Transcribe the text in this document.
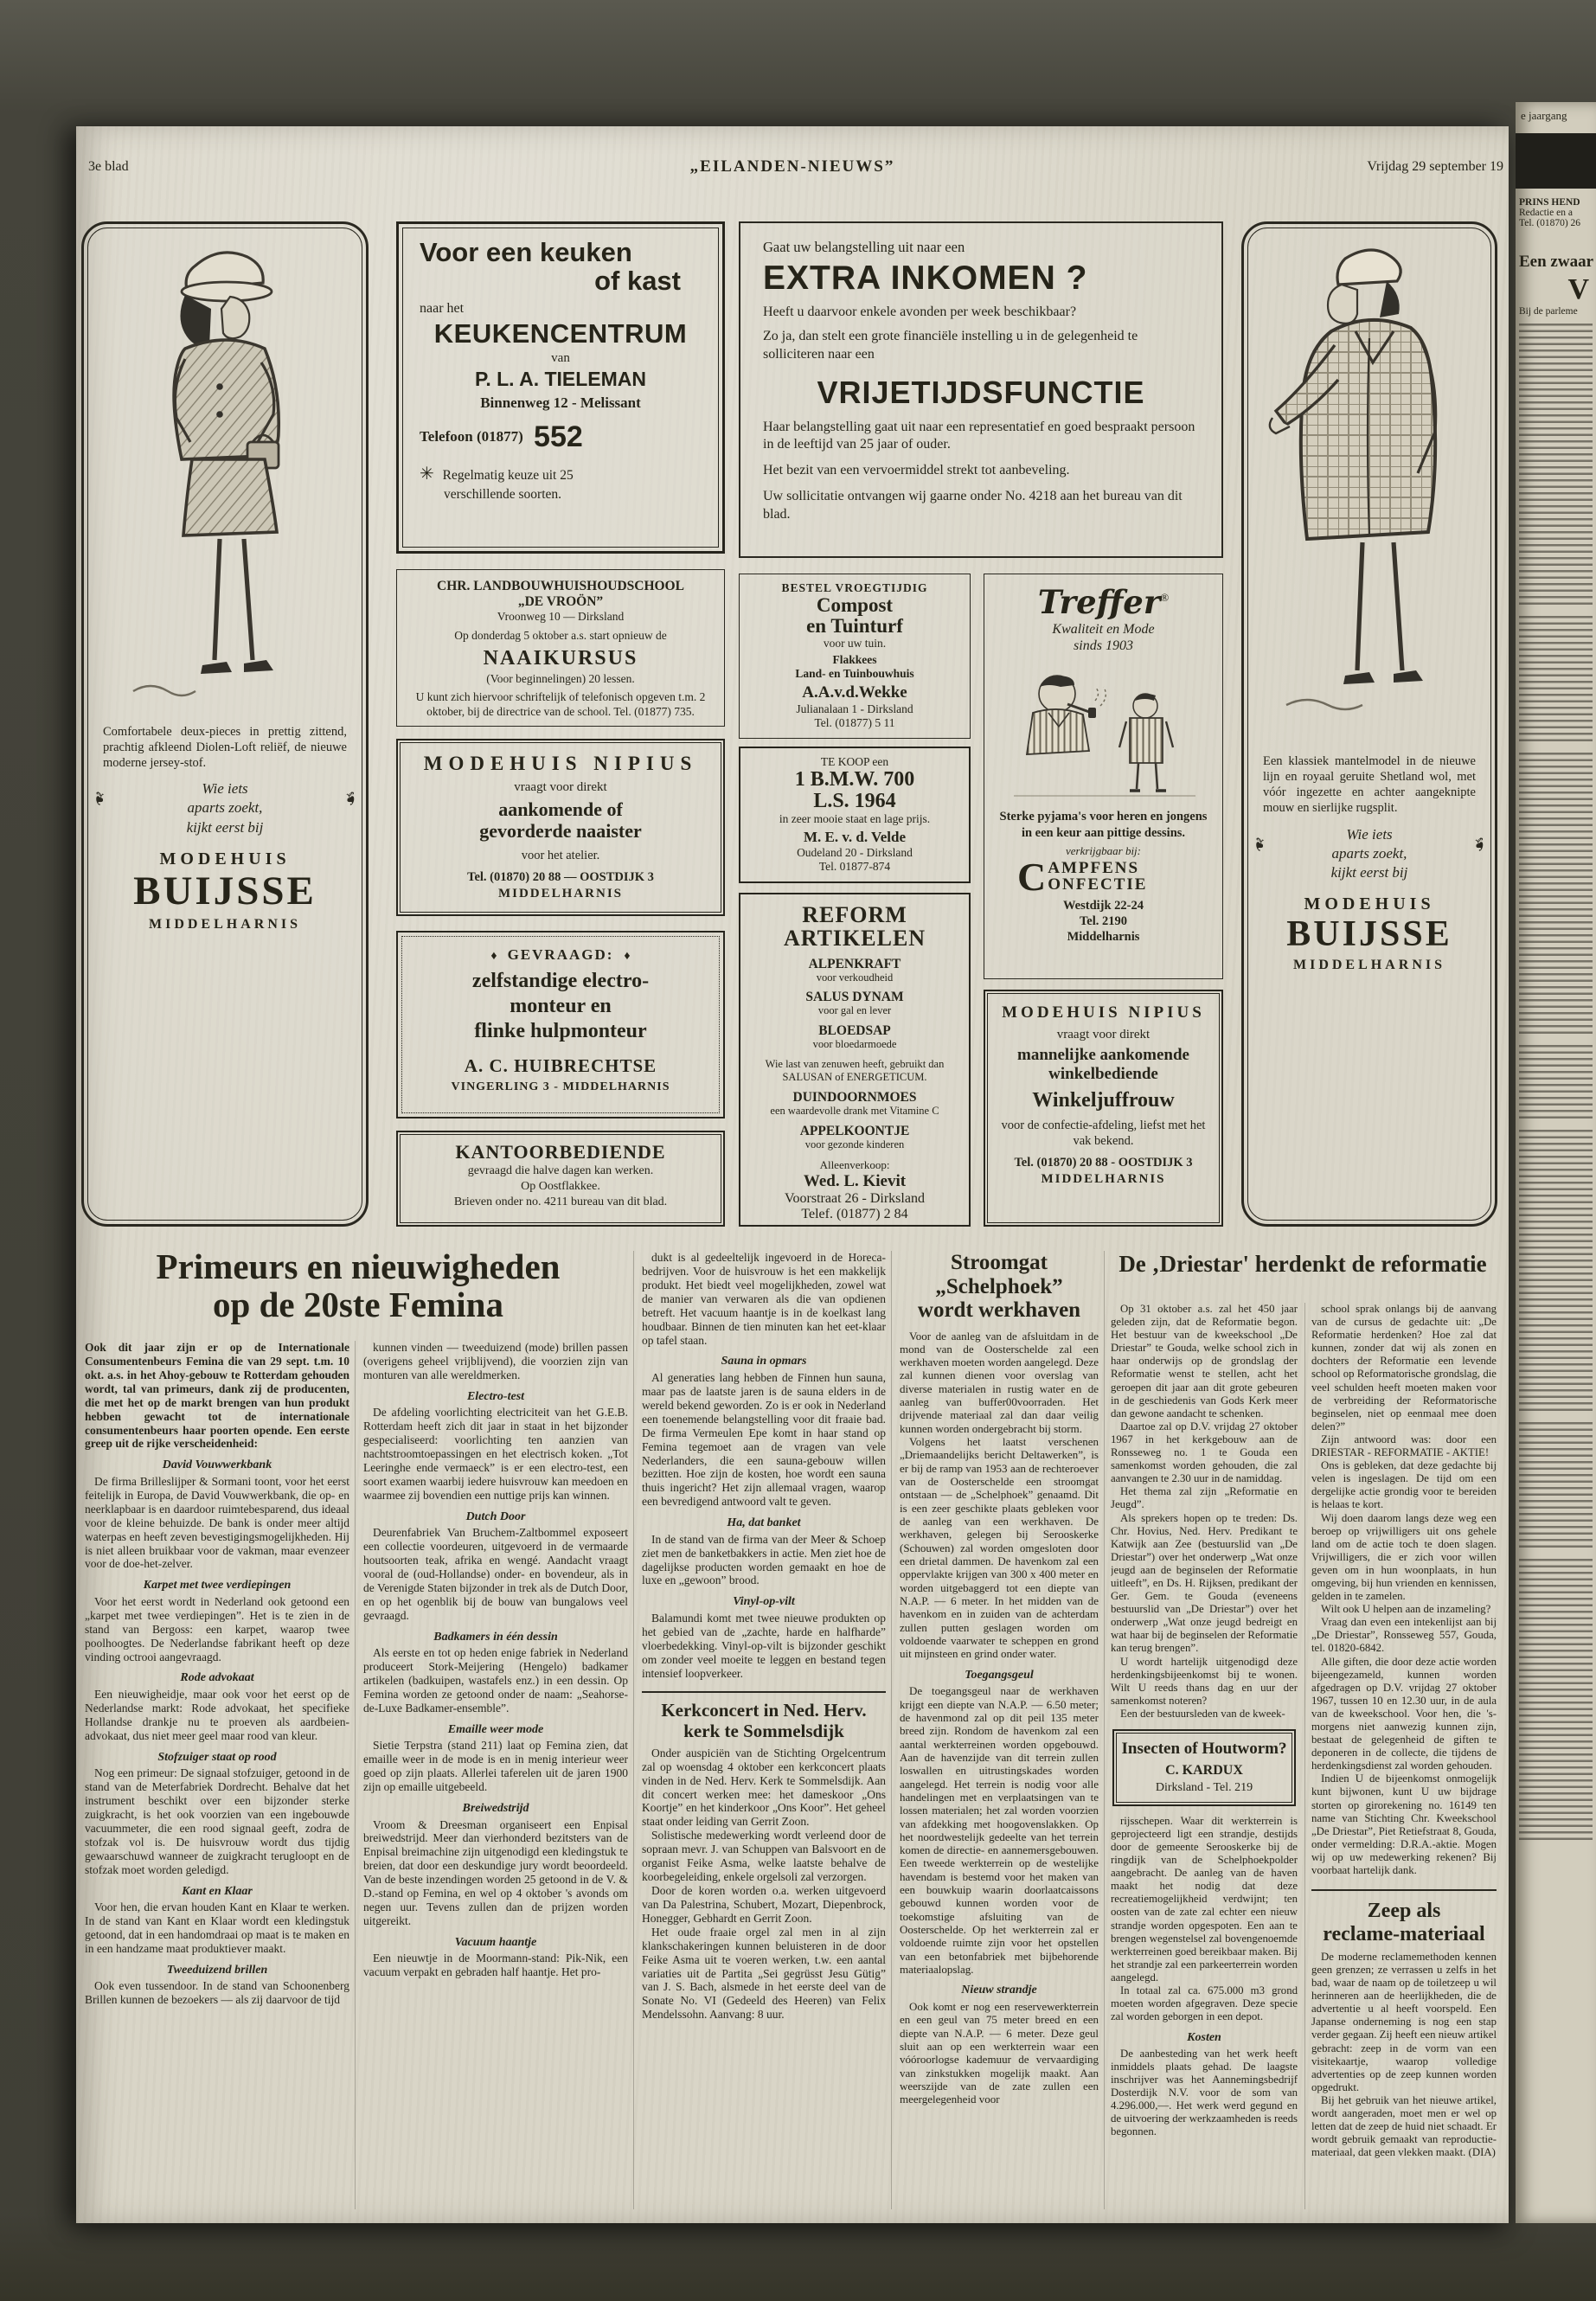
3e blad	„EILANDEN-NIEUWS”	Vrijdag 29 september 19
Comfortabele deux-pieces in prettig zittend, prachtig afkleend Diolen-Loft reliëf, de nieuwe moderne jersey-stof.
❧	❧
Wie iets
aparts zoekt,
kijkt eerst bij
MODEHUIS
BUIJSSE
MIDDELHARNIS
Voor een keuken
of kast
naar het
KEUKENCENTRUM
van
P. L. A. TIELEMAN
Binnenweg 12 - Melissant
Telefoon (01877) 552
✳ Regelmatig keuze uit 25
verschillende soorten.
CHR. LANDBOUWHUISHOUDSCHOOL
„DE VROÖN”
Vroonweg 10 — Dirksland
Op donderdag 5 oktober a.s. start opnieuw de
NAAIKURSUS
(Voor beginnelingen) 20 lessen.
U kunt zich hiervoor schriftelijk of telefonisch opgeven t.m. 2 oktober, bij de directrice van de school. Tel. (01877) 735.
MODEHUIS NIPIUS
vraagt voor direkt
aankomende of
gevorderde naaister
voor het atelier.
Tel. (01870) 20 88 — OOSTDIJK 3
MIDDELHARNIS
♦ GEVRAAGD: ♦
zelfstandige electro-
monteur en
flinke hulpmonteur
A. C. HUIBRECHTSE
VINGERLING 3 - MIDDELHARNIS
KANTOORBEDIENDE
gevraagd die halve dagen kan werken.
Op Oostflakkee.
Brieven onder no. 4211 bureau van dit blad.
Gaat uw belangstelling uit naar een
EXTRA INKOMEN ?
Heeft u daarvoor enkele avonden per week beschikbaar?
Zo ja, dan stelt een grote financiële instelling u in de gelegenheid te solliciteren naar een
VRIJETIJDSFUNCTIE
Haar belangstelling gaat uit naar een representatief en goed bespraakt persoon in de leeftijd van 25 jaar of ouder.
Het bezit van een vervoermiddel strekt tot aanbeveling.
Uw sollicitatie ontvangen wij gaarne onder No. 4218 aan het bureau van dit blad.
BESTEL VROEGTIJDIG
Compost
en Tuinturf
voor uw tuin.
Flakkees
Land- en Tuinbouwhuis
A.A.v.d.Wekke
Julianalaan 1 - Dirksland
Tel. (01877) 5 11
TE KOOP een
1 B.M.W. 700
L.S. 1964
in zeer mooie staat en lage prijs.
M. E. v. d. Velde
Oudeland 20 - Dirksland
Tel. 01877-874
REFORM
ARTIKELEN
ALPENKRAFT
voor verkoudheid
SALUS DYNAM
voor gal en lever
BLOEDSAP
voor bloedarmoede
Wie last van zenuwen heeft, gebruikt dan SALUSAN of ENERGETICUM.
DUINDOORNMOES
een waardevolle drank met Vitamine C
APPELKOONTJE
voor gezonde kinderen
Alleenverkoop:
Wed. L. Kievit
Voorstraat 26 - Dirksland
Telef. (01877) 2 84
Treffer®
Kwaliteit en Mode
sinds 1903
Sterke pyjama's voor heren en jongens in een keur aan pittige dessins.
verkrijgbaar bij:
C AMPFENS
ONFECTIE
Westdijk 22-24
Tel. 2190
Middelharnis
MODEHUIS NIPIUS
vraagt voor direkt
mannelijke aankomende
winkelbediende
Winkeljuffrouw
voor de confectie-afdeling, liefst met het vak bekend.
Tel. (01870) 20 88 - OOSTDIJK 3
MIDDELHARNIS
Een klassiek mantelmodel in de nieuwe lijn en royaal geruite Shetland wol, met vóór ingezette en achter aangeknipte mouw en sierlijke rugsplit.
❧	❧
Wie iets
aparts zoekt,
kijkt eerst bij
MODEHUIS
BUIJSSE
MIDDELHARNIS
Primeurs en nieuwigheden
op de 20ste Femina
Ook dit jaar zijn er op de Internationale Consumentenbeurs Femina die van 29 sept. t.m. 10 okt. a.s. in het Ahoy-gebouw te Rotterdam gehouden wordt, tal van primeurs, dank zij de producenten, die met het op de markt brengen van hun produkt hebben gewacht tot de internationale consumentenbeurs haar poorten opende. Een eerste greep uit de rijke verscheidenheid:
David Vouwwerkbank
De firma Brilleslijper & Sormani toont, voor het eerst feitelijk in Europa, de David Vouwwerkbank, die op- en neerklapbaar is en daardoor ruimtebesparend, dus ideaal voor de kleine behuizde. De bank is onder meer altijd waterpas en heeft zeven bevestigingsmogelijkheden. Hij is niet alleen bruikbaar voor de vakman, maar evenzeer voor de doe-het-zelver.
Karpet met twee verdiepingen
Voor het eerst wordt in Nederland ook getoond een „karpet met twee verdiepingen”. Het is te zien in de stand van Bergoss: een karpet, waarop twee poolhoogtes. De Nederlandse fabrikant heeft op deze vinding octrooi aangevraagd.
Rode advokaat
Een nieuwigheidje, maar ook voor het eerst op de Nederlandse markt: Rode advokaat, het specifieke Hollandse drankje nu te proeven als aardbeien-advokaat, dus niet meer geel maar rood van kleur.
Stofzuiger staat op rood
Nog een primeur: De signaal stofzuiger, getoond in de stand van de Meterfabriek Dordrecht. Behalve dat het instrument beschikt over een bijzonder sterke zuigkracht, is het ook voorzien van een ingebouwde vacuummeter, die een rood signaal geeft, zodra de stofzak vol is. De huisvrouw wordt dus tijdig gewaarschuwd wanneer de zuigkracht terugloopt en de stofzak moet worden geledigd.
Kant en Klaar
Voor hen, die ervan houden Kant en Klaar te werken. In de stand van Kant en Klaar wordt een kledingstuk getoond, dat in een handomdraai op maat is te maken en in een handzame maat produktiever maakt.
Tweeduizend brillen
Ook even tussendoor. In de stand van Schoonenberg Brillen kunnen de bezoekers — als zij daarvoor de tijd
kunnen vinden — tweeduizend (mode) brillen passen (overigens geheel vrijblijvend), die voorzien zijn van monturen van alle wereldmerken.
Electro-test
De afdeling voorlichting electriciteit van het G.E.B. Rotterdam heeft zich dit jaar in staat in het bijzonder gespecialiseerd: voorlichting ten aanzien van nachtstroomtoepassingen en het electrisch koken. „Tot Leeringhe ende vermaeck” is er een electro-test, een soort examen waarbij iedere huisvrouw kan meedoen en waarmee zij bovendien een nuttige prijs kan winnen.
Dutch Door
Deurenfabriek Van Bruchem-Zaltbommel exposeert een collectie voordeuren, uitgevoerd in de vermaarde houtsoorten teak, afrika en wengé. Aandacht vraagt vooral de (oud-Hollandse) onder- en bovendeur, als in de Verenigde Staten bijzonder in trek als de Dutch Door, en op het ogenblik bij de bouw van bungalows veel gevraagd.
Badkamers in één dessin
Als eerste en tot op heden enige fabriek in Nederland produceert Stork-Meijering (Hengelo) badkamer artikelen (badkuipen, wastafels enz.) in een dessin. Op Femina worden ze getoond onder de naam: „Seahorse-de-Luxe Badkamer-ensemble”.
Emaille weer mode
Sietie Terpstra (stand 211) laat op Femina zien, dat emaille weer in de mode is en in menig interieur weer goed op zijn plaats. Allerlei taferelen uit de jaren 1900 zijn op emaille uitgebeeld.
Breiwedstrijd
Vroom & Dreesman organiseert een Enpisal breiwedstrijd. Meer dan vierhonderd bezitsters van de Enpisal breimachine zijn uitgenodigd een kledingstuk te breien, dat door een deskundige jury wordt beoordeeld. Van de beste inzendingen worden 25 getoond in de V. & D.-stand op Femina, en wel op 4 oktober 's avonds om negen uur. Tevens zullen dan de prijzen worden uitgereikt.
Vacuum haantje
Een nieuwtje in de Moormann-stand: Pik-Nik, een vacuum verpakt en gebraden half haantje. Het pro-
dukt is al gedeeltelijk ingevoerd in de Horeca-bedrijven. Voor de huisvrouw is het een makkelijk produkt. Het biedt veel mogelijkheden, zowel wat de manier van verwaren als die van opdienen betreft. Het vacuum haantje is in de koelkast lang houdbaar. Binnen de tien minuten kan het eet-klaar op tafel staan.
Sauna in opmars
Al generaties lang hebben de Finnen hun sauna, maar pas de laatste jaren is de sauna elders in de wereld bekend geworden. Zo is er ook in Nederland een toenemende belangstelling voor dit fraaie bad. De firma Vermeulen Epe komt in haar stand op Femina tegemoet aan de vragen van vele Nederlanders, die een sauna-gebouw willen bezitten. Hoe zijn de kosten, hoe wordt een sauna thuis ingericht? Het zijn allemaal vragen, waarop een bevredigend antwoord valt te geven.
Ha, dat banket
In de stand van de firma van der Meer & Schoep ziet men de banketbakkers in actie. Men ziet hoe de dagelijkse producten worden gemaakt en hoe de luxe en „gewoon” brood.
Vinyl-op-vilt
Balamundi komt met twee nieuwe produkten op het gebied van de „zachte, harde en halfharde” vloerbedekking. Vinyl-op-vilt is bijzonder geschikt om zonder veel moeite te leggen en bestand tegen intensief loopverkeer.
Kerkconcert in Ned. Herv.
kerk te Sommelsdijk
Onder auspiciën van de Stichting Orgelcentrum zal op woensdag 4 oktober een kerkconcert plaats vinden in de Ned. Herv. Kerk te Sommelsdijk. Aan dit concert werken mee: het dameskoor „Ons Koortje” en het kinderkoor „Ons Koor”. Het geheel staat onder leiding van Gerrit Zoon.
Solistische medewerking wordt verleend door de sopraan mevr. J. van Schuppen van Balsvoort en de organist Feike Asma, welke laatste behalve de koorbegeleiding, enkele orgelsoli zal verzorgen.
Door de koren worden o.a. werken uitgevoerd van Da Palestrina, Schubert, Mozart, Diepenbrock, Honegger, Gebhardt en Gerrit Zoon.
Het oude fraaie orgel zal men in al zijn klankschakeringen kunnen beluisteren in de door Feike Asma uit te voeren werken, t.w. een aantal variaties uit de Partita „Sei gegrüsst Jesu Gütig” van J. S. Bach, alsmede in het eerste deel van de Sonate No. VI (Gedeeld des Heeren) van Felix Mendelssohn. Aanvang: 8 uur.
Stroomgat
„Schelphoek”
wordt werkhaven
Voor de aanleg van de afsluitdam in de mond van de Oosterschelde zal een werkhaven moeten worden aangelegd. Deze zal kunnen dienen voor overslag van diverse materialen in rustig water en de aanleg van buffer00voorraden. Het drijvende materiaal zal dan daar veilig kunnen worden ondergebracht bij storm.
Volgens het laatst verschenen „Driemaandelijks bericht Deltawerken”, is er bij de ramp van 1953 aan de rechteroever van de Oosterschelde een stroomgat ontstaan — de „Schelphoek” genaamd. Dit is een zeer geschikte plaats gebleken voor de aanleg van een werkhaven. De werkhaven, gelegen bij Serooskerke (Schouwen) zal worden omgesloten door een drietal dammen. De havenkom zal een oppervlakte krijgen van 300 x 400 meter en worden uitgebaggerd tot een diepte van N.A.P. — 6 meter. In het midden van de havenkom en in zuiden van de achterdam zullen putten geslagen worden om voldoende vaarwater te scheppen en grond uit mijnsteen en grind onder water.
Toegangsgeul
De toegangsgeul naar de werkhaven krijgt een diepte van N.A.P. — 6.50 meter; de havenmond zal op dit peil 135 meter breed zijn. Rondom de havenkom zal een aantal werkterreinen worden opgebouwd. Aan de havenzijde van dit terrein zullen loswallen en uitrustingskades worden aangelegd. Het terrein is nodig voor alle handelingen met en verplaatsingen van te lossen materialen; het zal worden voorzien van afdekking met hoogovenslakken. Op het noordwestelijk gedeelte van het terrein komen de directie- en aannemersgebouwen. Een tweede werkterrein op de westelijke havendam is bestemd voor het maken van een bouwkuip waarin doorlaatcaissons gebouwd kunnen worden voor de toekomstige afsluiting van de Oosterschelde. Op het werkterrein zal er voldoende ruimte zijn voor het opstellen van een betonfabriek met bijbehorende materiaalopslag.
Nieuw strandje
Ook komt er nog een reservewerkterrein en een geul van 75 meter breed en een diepte van N.A.P. — 6 meter. Deze geul sluit aan op een werkterrein waar een vóóroorlogse kademuur de vervaardiging van zinkstukken mogelijk maakt. Aan weerszijde van de zate zullen een meergelegenheid voor
De ‚Driestar' herdenkt de reformatie
Op 31 oktober a.s. zal het 450 jaar geleden zijn, dat de Reformatie begon. Het bestuur van de kweekschool „De Driestar” te Gouda, welke school zich in haar onderwijs op de grondslag der Reformatie wenst te stellen, acht het geroepen dit jaar aan dit grote gebeuren in de geschiedenis van Gods Kerk meer dan gewone aandacht te schenken.
Daartoe zal op D.V. vrijdag 27 oktober 1967 in het kerkgebouw aan de Ronsseweg no. 1 te Gouda een samenkomst worden gehouden, die zal aanvangen te 2.30 uur in de namiddag.
Het thema zal zijn „Reformatie en Jeugd”.
Als sprekers hopen op te treden: Ds. Chr. Hovius, Ned. Herv. Predikant te Katwijk aan Zee (bestuurslid van „De Driestar”) over het onderwerp „Wat onze jeugd aan de beginselen der Reformatie uitleeft”, en Ds. H. Rijksen, predikant der Ger. Gem. te Gouda (eveneens bestuurslid van „De Driestar”) over het onderwerp „Wat onze jeugd bedreigt en wat haar bij de beginselen der Reformatie kan terug brengen”.
U wordt hartelijk uitgenodigd deze herdenkingsbijeenkomst bij te wonen. Wilt U reeds thans dag en uur der samenkomst noteren?
Een der bestuursleden van de kweek-
Insecten of Houtworm?
C. KARDUX
Dirksland - Tel. 219
rijsschepen. Waar dit werkterrein is geprojecteerd ligt een strandje, destijds door de gemeente Serooskerke bij de ringdijk van de Schelphoekpolder aangebracht. De aanleg van de haven maakt het nodig dat deze recreatiemogelijkheid verdwijnt; ten oosten van de zate zal echter een nieuw strandje worden opgespoten. Een aan te brengen wegenstelsel zal bovengenoemde werkterreinen goed bereikbaar maken. Bij het strandje zal een parkeerterrein worden aangelegd.
In totaal zal ca. 675.000 m3 grond moeten worden afgegraven. Deze specie zal worden geborgen in een depot.
Kosten
De aanbesteding van het werk heeft inmiddels plaats gehad. De laagste inschrijver was het Aannemingsbedrijf Dosterdijk N.V. voor de som van 4.296.000,—. Het werk werd gegund en de uitvoering der werkzaamheden is reeds begonnen.
school sprak onlangs bij de aanvang van de cursus de gedachte uit: „De Reformatie herdenken? Hoe zal dat kunnen, zonder dat wij als zonen en dochters der Reformatie een levende school op Reformatorische grondslag, die veel schulden heeft moeten maken voor de verbreiding der Reformatorische beginselen, niet op eenmaal mee doen delen?”
Zijn antwoord was: door een DRIESTAR - REFORMATIE - AKTIE!
Ons is gebleken, dat deze gedachte bij velen is ingeslagen. De tijd om een dergelijke actie grondig voor te bereiden is helaas te kort.
Wij doen daarom langs deze weg een beroep op vrijwilligers uit ons gehele land om de actie toch te doen slagen. Vrijwilligers, die er zich voor willen geven om in hun woonplaats, in hun omgeving, bij hun vrienden en kennissen, gelden in te zamelen.
Wilt ook U helpen aan de inzameling?
Vraag dan even een intekenlijst aan bij „De Driestar”, Ronsseweg 557, Gouda, tel. 01820-6842.
Alle giften, die door deze actie worden bijeengezameld, kunnen worden afgedragen op D.V. vrijdag 27 oktober 1967, tussen 10 en 12.30 uur, in de aula van de kweekschool. Voor hen, die 's-morgens niet aanwezig kunnen zijn, bestaat de gelegenheid de giften te deponeren in de collecte, die tijdens de herdenkingsdienst zal worden gehouden.
Indien U de bijeenkomst onmogelijk kunt bijwonen, kunt U uw bijdrage storten op girorekening no. 16149 ten name van Stichting Chr. Kweekschool „De Driestar”, Piet Retiefstraat 8, Gouda, onder vermelding: D.R.A.-aktie. Mogen wij op uw medewerking rekenen? Bij voorbaat hartelijk dank.
Zeep als
reclame-materiaal
De moderne reclamemethoden kennen geen grenzen; ze verrassen u zelfs in het bad, waar de naam op de toiletzeep u wil herinneren aan de heerlijkheden, die de advertentie u al heeft voorspeld. Een Japanse onderneming is nog een stap verder gegaan. Zij heeft een nieuw artikel gebracht: zeep in de vorm van een visitekaartje, waarop volledige advertenties op de zeep kunnen worden opgedrukt.
Bij het gebruik van het nieuwe artikel, wordt aangeraden, moet men er wel op letten dat de zeep de huid niet schaadt. Er wordt gebruik gemaakt van reproductie-materiaal, dat geen vlekken maakt. (DIA)
e jaargang
PRINS HEND
Redactie en a
Tel. (01870) 26
Een zwaar
V
Bij de parleme
